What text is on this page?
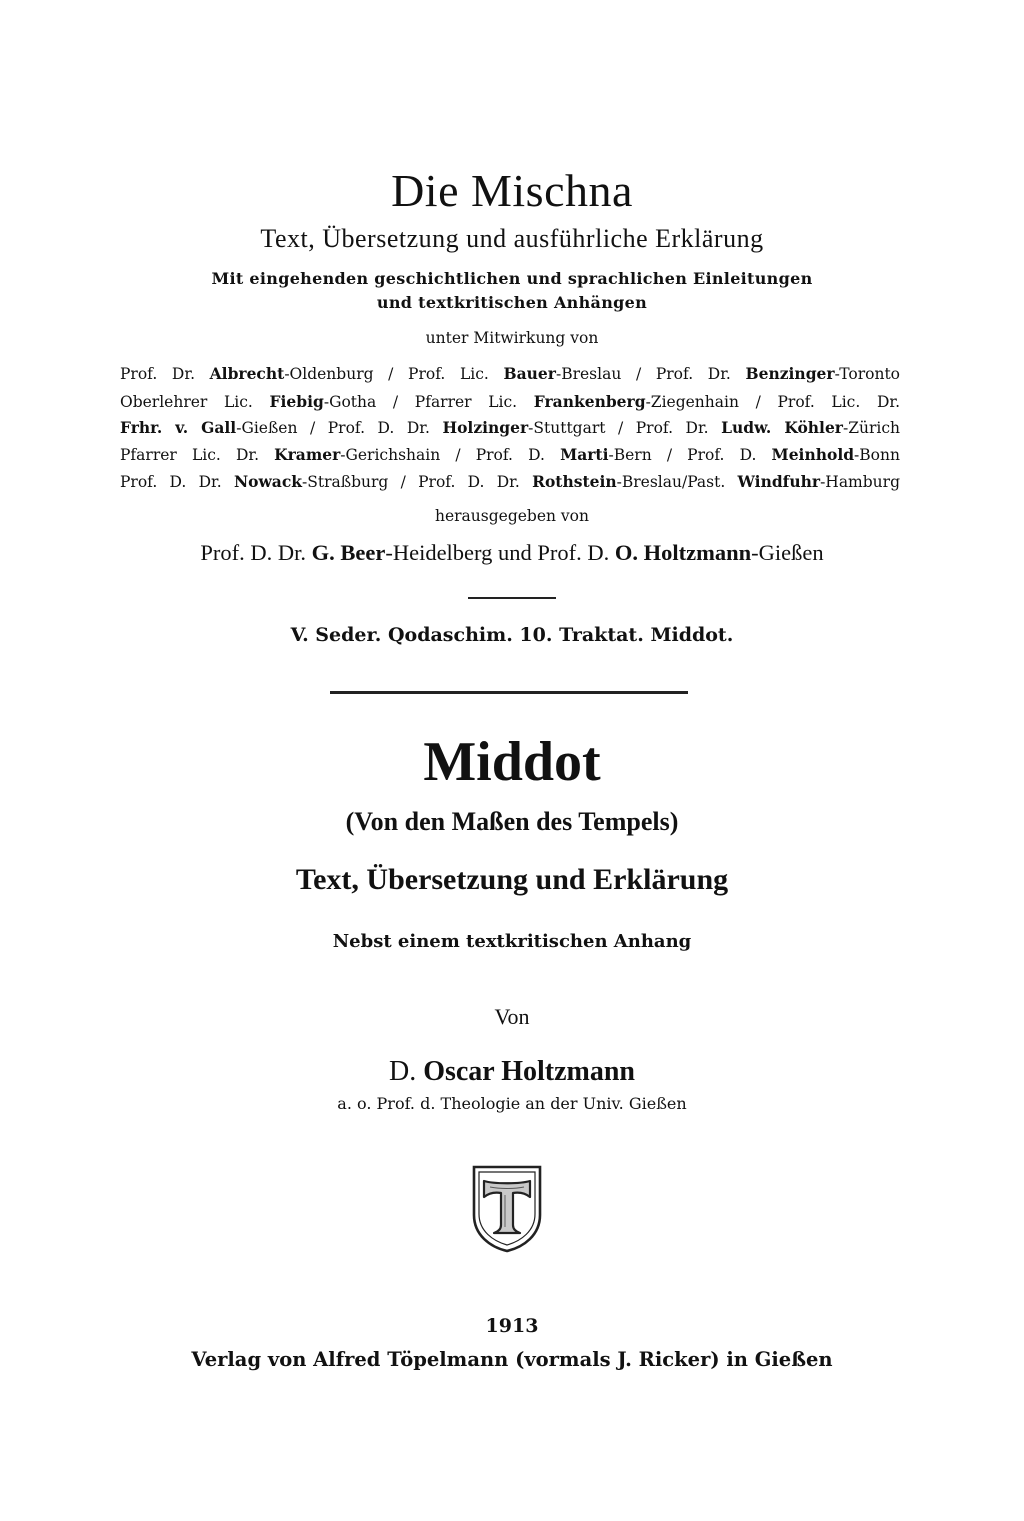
Die Mischna
Text, Übersetzung und ausführliche Erklärung
Mit eingehenden geschichtlichen und sprachlichen Einleitungen
und textkritischen Anhängen
unter Mitwirkung von
Prof. Dr. Albrecht-Oldenburg / Prof. Lic. Bauer-Breslau / Prof. Dr. Benzinger-Toronto
Oberlehrer Lic. Fiebig-Gotha / Pfarrer Lic. Frankenberg-Ziegenhain / Prof. Lic. Dr.
Frhr. v. Gall-Gießen / Prof. D. Dr. Holzinger-Stuttgart / Prof. Dr. Ludw. Köhler-Zürich
Pfarrer Lic. Dr. Kramer-Gerichshain / Prof. D. Marti-Bern / Prof. D. Meinhold-Bonn
Prof. D. Dr. Nowack-Straßburg / Prof. D. Dr. Rothstein-Breslau/Past. Windfuhr-Hamburg
herausgegeben von
Prof. D. Dr. G. Beer-Heidelberg und Prof. D. O. Holtzmann-Gießen
V. Seder. Qodaschim. 10. Traktat. Middot.
Middot
(Von den Maßen des Tempels)
Text, Übersetzung und Erklärung
Nebst einem textkritischen Anhang
Von
D. Oscar Holtzmann
a. o. Prof. d. Theologie an der Univ. Gießen
1913
Verlag von Alfred Töpelmann (vormals J. Ricker) in Gießen
